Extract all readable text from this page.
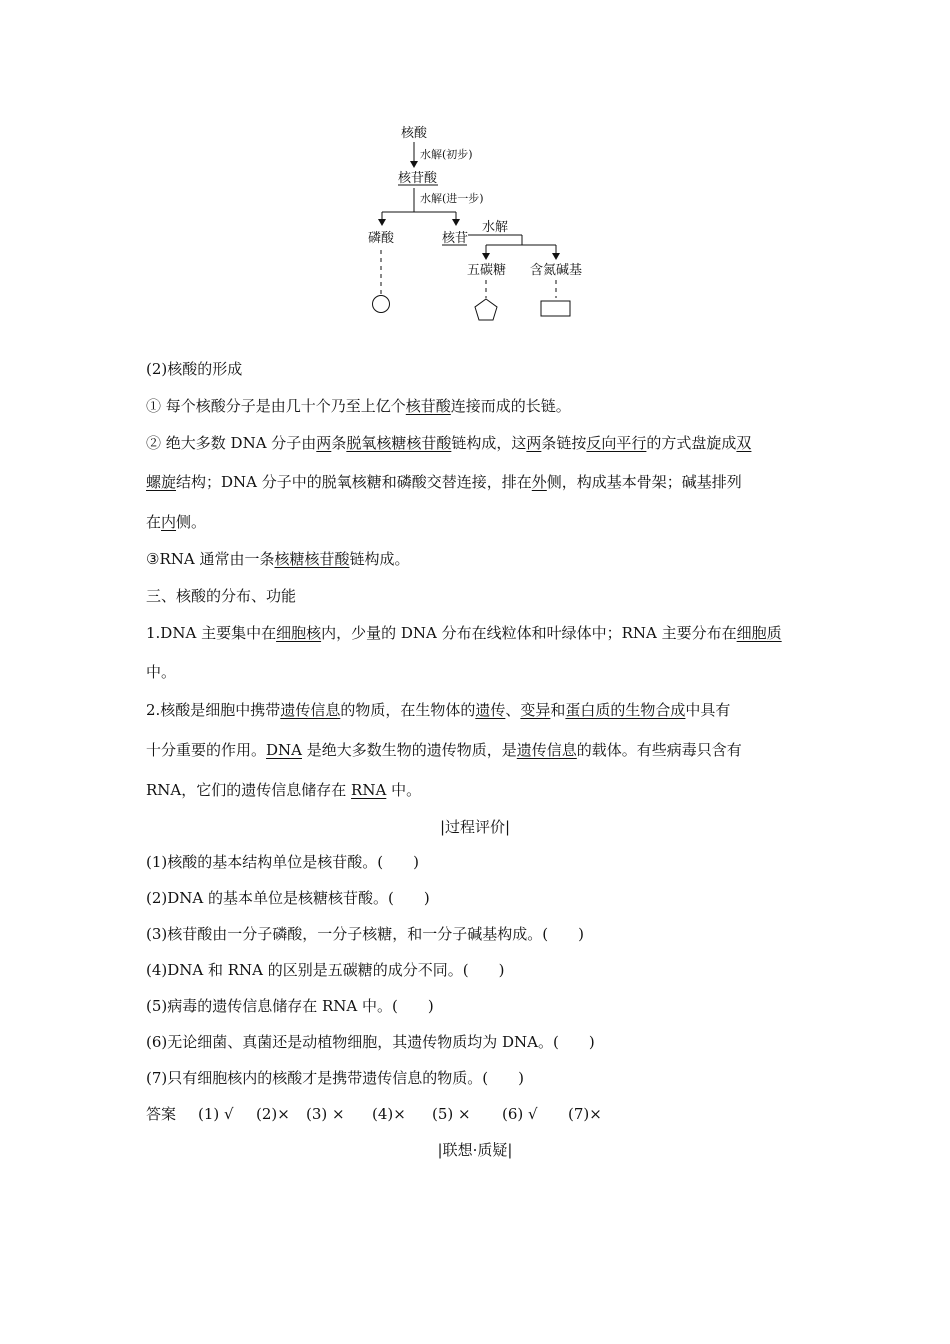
核酸
水解(初步)
核苷酸
水解(进一步)
磷酸	核苷
水解
五碳糖 含氮碱基
(2)核酸的形成
① 每个核酸分子是由几十个乃至上亿个核苷酸连接而成的长链。
② 绝大多数 DNA 分子由两条脱氧核糖核苷酸链构成，这两条链按反向平行的方式盘旋成双
螺旋结构；DNA 分子中的脱氧核糖和磷酸交替连接，排在外侧，构成基本骨架；碱基排列
在内侧。
③RNA 通常由一条核糖核苷酸链构成。
三、核酸的分布、功能
1.DNA 主要集中在细胞核内，少量的 DNA 分布在线粒体和叶绿体中；RNA 主要分布在细胞质
中。
2.核酸是细胞中携带遗传信息的物质，在生物体的遗传、变异和蛋白质的生物合成中具有
十分重要的作用。DNA 是绝大多数生物的遗传物质，是遗传信息的载体。有些病毒只含有
RNA，它们的遗传信息储存在 RNA 中。
|过程评价|
(1)核酸的基本结构单位是核苷酸。(　　)
(2)DNA 的基本单位是核糖核苷酸。(　　)
(3)核苷酸由一分子磷酸，一分子核糖，和一分子碱基构成。(　　)
(4)DNA 和 RNA 的区别是五碳糖的成分不同。(　　)
(5)病毒的遗传信息储存在 RNA 中。(　　)
(6)无论细菌、真菌还是动植物细胞，其遗传物质均为 DNA。(　　)
(7)只有细胞核内的核酸才是携带遗传信息的物质。(　　)
答案 (1) √ (2)× (3) × (4)× (5) × (6) √ (7)×
|联想·质疑|
